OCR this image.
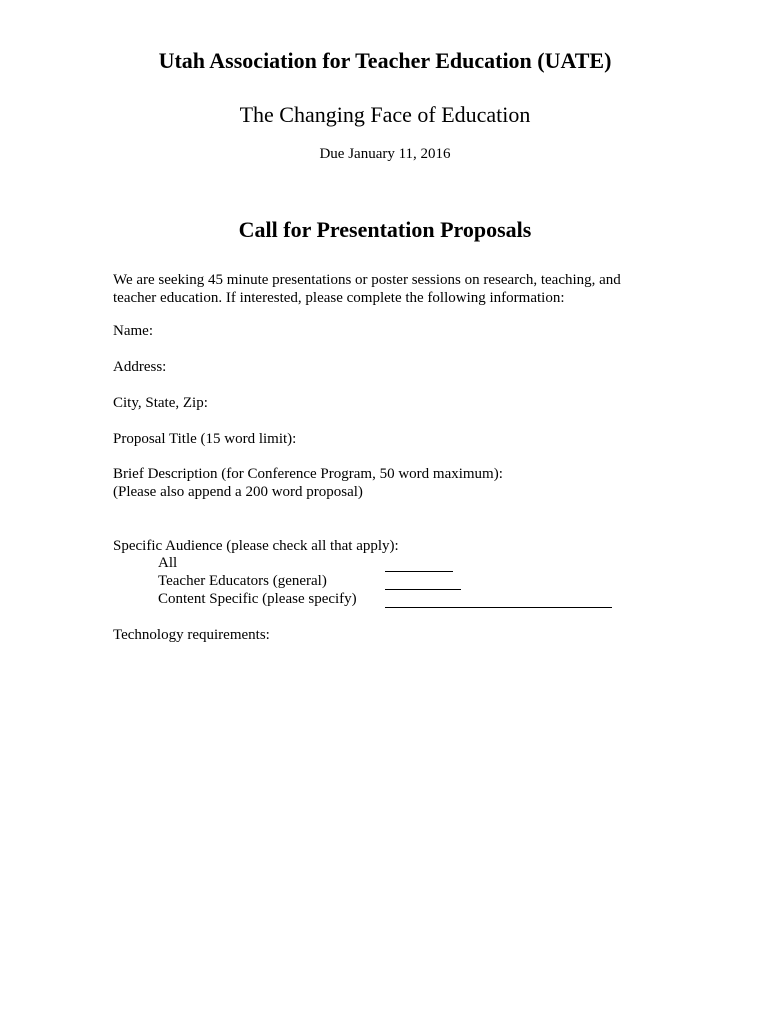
Utah Association for Teacher Education (UATE)
The Changing Face of Education
Due January 11, 2016
Call for Presentation Proposals
We are seeking 45 minute presentations or poster sessions on research, teaching, and
teacher education. If interested, please complete the following information:
Name:
Address:
City, State, Zip:
Proposal Title (15 word limit):
Brief Description (for Conference Program, 50 word maximum):
(Please also append a 200 word proposal)
Specific Audience (please check all that apply):
All
Teacher Educators (general)
Content Specific (please specify)
Technology requirements:
